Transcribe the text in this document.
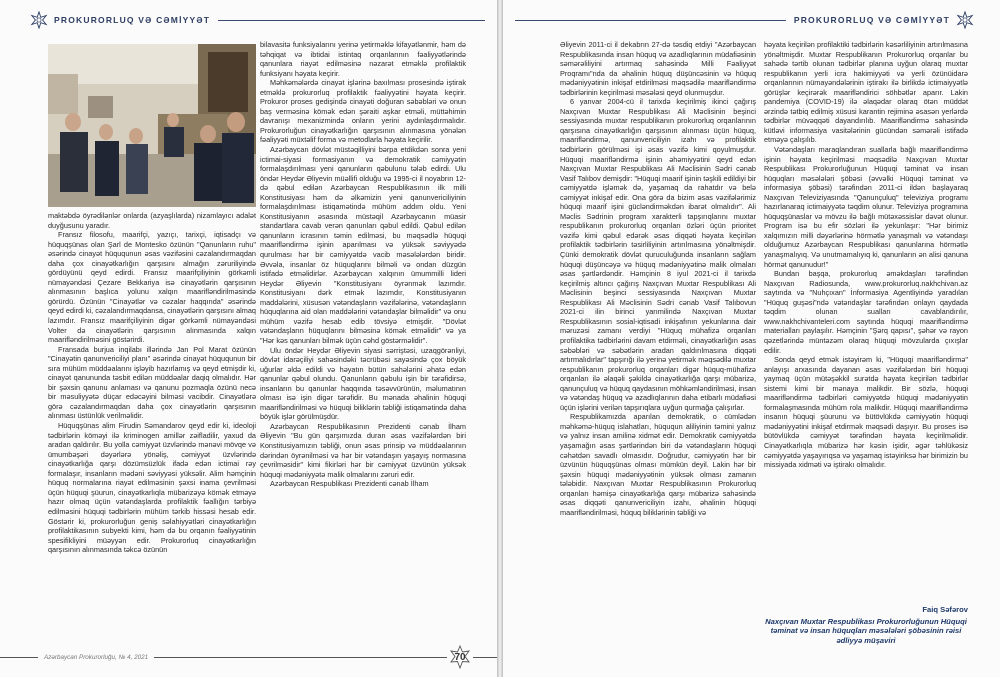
PROKURORLUQ VƏ CƏMİYYƏT

maktəbdə öyrədilənlər onlarda (azyaşlılarda) nizamlayıcı adalət duyğusunu yaradır.

Fransız filosofu, maarifçi, yazıçı, tarixçi, iqtisadçı və hüquqşünas olan Şarl de Montesko özünün "Qanunların ruhu" əsərində cinayət hüququnun əsas vəzifəsini cəzalandırmaqdan daha çox cinayətkarlığın qarşısını almağın zəruriliyində gördüyünü qeyd edirdi. Fransız maarifçiliyinin görkəmli nümayəndəsi Çezare Bekkariya isə cinayətlərin qarşısının alınmasının başlıca yolunu xalqın maarifləndirilməsində görürdü. Özünün "Cinayətlər və cəzalar haqqında" əsərində qeyd edirdi ki, cəzalandırmaqdansa, cinayətlərin qarşısını almaq lazımdır. Fransız maarifçiliyinin digər görkəmli nümayəndəsi Volter də cinayətlərin qarşısının alınmasında xalqın maarifləndirilməsini göstərirdi.

Fransada burjua inqilabı illərində Jan Pol Marat özünün "Cinayətin qanunvericiliyi planı" əsərində cinayət hüququnun bir sıra mühüm müddəalarını işləyib hazırlamış və qeyd etmişdir ki, cinayət qanununda təsbit edilən müddəalar daqiq olmalıdır. Hər bir şəxsin qanunu anlaması və qanunu pozmaqla özünü necə bir məsuliyyətə düçar edəcəyini bilməsi vacibdir. Cinayətlərə görə cəzalandırmaqdan daha çox cinayətlərin qarşısının alınması üstünlük verilməlidir.

Hüquqşünas alim Firudin Səmandarov qeyd edir ki, ideoloji tədbirlərin köməyi ilə kriminogen amillər zəifladilir, yaxud da aradan qaldırılır. Bu yolla cəmiyyət üzvlərində mənəvi mövqe və ümumbəşəri dəyərlərə yönəliş, cəmiyyət üzvlərində cinayətkarlığa qarşı dözümsüzlük ifadə edən ictimai rəy formalaşır, insanların mədəni səviyyəsi yüksəlir. Alim həmçinin hüquq normalarına riayət edilməsinin şəxsi inama çevrilməsi üçün hüquqi şüurun, cinayətkarlıqla mübarizəyə kömək etməyə hazır olmaq üçün vətəndaşlarda profilaktik fəallığın tərbiyə edilməsini hüquqi tədbirlərin mühüm tərkib hissəsi hesab edir. Göstərir ki, prokurorluğun geniş səlahiyyətləri cinayətkarlığın profilaktikasının subyekti kimi, həm də bu orqanın fəaliyyətinin spesifikliyini müəyyən edir. Prokurorluq cinayətkarlığın qarşısının alınmasında təkcə özünün

bilavasitə funksiyalarını yerinə yetirməklə kifayətlənmir, həm də təhqiqat və ibtidai istintaq orqanlarının fəaliyyətlərində qanunlara riayət edilməsinə nəzarət etməklə profilaktik funksiyanı həyata keçirir.

Məhkəmələrdə cinayət işlərinə baxılması prosesində iştirak etməklə prokurorluq profilaktik fəaliyyətini həyata keçirir. Prokuror proses gedişində cinayəti doğuran səbəbləri və onun baş verməsinə kömək edən şəraiti aşkar etməli, müttəhimin davranışı mexanizmində onların yerini aydınlaşdırmalıdır. Prokurorluğun cinayətkarlığın qarşısının alınmasına yönələn fəaliyyəti müxtəlif forma və metodlarla həyata keçirilir.

Azərbaycan dövlət müstəqilliyini bərpa etdikdən sonra yeni ictimai-siyasi formasiyanın və demokratik cəmiyyətin formalaşdırılması yeni qanunların qəbulunu tələb edirdi. Ulu öndər Heydər Əliyevin müəllifi olduğu və 1995-ci il noyabrın 12-də qəbul edilən Azərbaycan Respublikasının ilk milli Konstitusiyası həm də əlkəmizin yeni qanunvericiliyinin formalaşdırılması istiqamətində mühüm addım oldu. Yeni Konstitusiyanın əsasında müstəqil Azərbaycanın müasir standartlara cavab verən qanunları qəbul edildi. Qəbul edilən qanunların icrasının təmin edilməsi, bu məqsədlə hüquqi maarifləndirmə işinin aparılması və yüksək səviyyədə qurulması hər bir cəmiyyətdə vacib məsələlərdən biridir. Əvvəla, insanlar öz hüquqlarını bilməli və ondan düzgün istifadə etməlidirlər. Azərbaycan xalqının ümummilli lideri Heydər Əliyevin "Konstitusiyanı öyrənmək lazımdır. Konstitusiyanı dərk etmək lazımdır, Konstitusiyanın maddələrini, xüsusən vətəndaşların vəzifələrinə, vətəndaşların hüquqlarına aid olan maddələrini vətəndaşlar bilməlidir" və onu mühüm vəzifə hesab edib tövsiyə etmişdir. "Dövlət vətəndaşların hüquqlarını bilməsinə kömək etməlidir" və ya "Hər kəs qanunları bilmək üçün cəhd göstərməlidir".

Ulu öndər Heydər Əliyevin siyasi sərriştəsi, uzaqgörənliyi, dövlət idarəçiliyi sahəsindəki təcrübəsi sayəsində çox böyük uğurlar əldə edildi və həyatın bütün sahələrini əhatə edən qanunlar qəbul olundu. Qanunların qəbulu işin bir tərəfidirsə, insanların bu qanunlar haqqında təsəvvürünün, məlumatının olması isə işin digər tərəfidir. Bu mənada əhalinin hüquqi maarifləndirilməsi və hüquqi biliklərin təbliği istiqamətində daha böyük işlər görülmüşdür.

Azərbaycan Respublikasının Prezidenti cənab İlham Əliyevin "Bu gün qarşımızda duran əsas vəzifələrdən biri Konstitusiyamızın təbliği, onun əsas prinsip və müddəalarının dərindən öyrənilməsi və hər bir vətəndaşın yaşayış normasına çevrilməsidir" kimi fikirləri hər bir cəmiyyət üzvünün yüksək hüquqi mədəniyyətə malik olmalarını zəruri edir.

Azərbaycan Respublikası Prezidenti cənab İlham

Azərbaycan Prokurorluğu, № 4, 2021	70
PROKURORLUQ VƏ CƏMİYYƏT

Əliyevin 2011-ci il dekabrın 27-də təsdiq etdiyi "Azərbaycan Respublikasında insan hüquq və azadlıqlarının müdafiəsinin səmərəliliyini artırmaq sahəsində Milli Fəaliyyət Proqramı"nda da əhalinin hüquq düşüncəsinin və hüquq mədəniyyətinin inkişaf etdirilməsi məqsədilə maarifləndirmə tədbirlərinin keçirilməsi məsələsi qeyd olunmuşdur.

6 yanvar 2004-cü il tarixdə keçirilmiş ikinci çağırış Naxçıvan Muxtar Respublikası Ali Məclisinin beşinci sessiyasında muxtar respublikanın prokurorluq orqanlarının qarşısına cinayətkarlığın qarşısının alınması üçün hüquq, maarifləndirmə, qanunvericiliyin izahı və profilaktik tədbirlərin görülməsi işi əsas vəzifə kimi qoyulmuşdur. Hüquqi maarifləndirmə işinin əhəmiyyətini qeyd edən Naxçıvan Muxtar Respublikası Ali Məclisinin Sədri cənab Vasif Talıbov demişdir: "Hüquqi maarif işinin təşkili edildiyi bir cəmiyyətdə işləmək də, yaşamaq da rahatdır və belə cəmiyyət inkişaf edir. Ona görə da bizim əsas vəzifələrimiz hüquqi maarif işini gücləndirməkdən ibarət olmalıdır". Ali Məclis Sədrinin program xarakterli tapşırıqlarını muxtar respublikanın prokurorluq orqanları özləri üçün prioritet vəzifə kimi qəbul edərək əsas diqqəti həyata keçirilən profilaktik tədbirlərin təsirliliyinin artırılmasına yönəltmişdir. Çünki demokratik dövlət quruculuğunda insanların sağlam hüquqi düşüncəyə və hüquq mədəniyyətinə malik olmaları əsas şərtlərdəndir. Həmçinin 8 iyul 2021-ci il tarixdə keçirilmiş altıncı çağırış Naxçıvan Muxtar Respublikası Ali Məclisinin beşinci sessiyasında Naxçıvan Muxtar Respublikası Ali Məclisinin Sədri cənab Vasif Talıbovun 2021-ci ilin birinci yarımilində Naxçıvan Muxtar Respublikasının sosial-iqtisadi inkişafının yekunlarına dair məruzəsi zamanı verdiyi "Hüquq mühafizə orqanları profilaktika tədbirlərini davam etdirməli, cinayətkarlığın əsas səbəbləri və səbətlərin aradan qaldırılmasına diqqəti artırmalıdırlar" tapşırığı ilə yerinə yetirmək məqsədilə muxtar respublikanın prokurorluq orqanları digər hüquq-mühafizə orqanları ilə əlaqəli şəkildə cinayətkarlığa qarşı mübarizə, qanunçuluq və hüquq qaydasının möhkəmləndirilməsi, insan və vətəndaş hüquq və azadlıqlarının daha etibarlı müdafiəsi üçün işlərini verilən tapşırıqlara uyğun qurmağa çalışırlar.

Respublikamızda aparılan demokratik, o cümlədən məhkəmə-hüquq islahatları, hüququn aliliyinin təmini yalnız və yalnız insan amilinə xidmət edir. Demokratik cəmiyyətdə yaşamağın əsas şərtlərindən biri də vətəndaşların hüquqi cəhətdən savadlı olmasıdır. Doğrudur, cəmiyyətin hər bir üzvünün hüquqşünas olması mümkün deyil. Lakin hər bir şəxsin hüquqi mədəniyyətinin yüksək olması zamanın tələbidir. Naxçıvan Muxtar Respublikasının Prokurorluq orqanları həmişə cinayətkarlığa qarşı mübarizə sahəsində əsas diqqəti qanunvericiliyin izahı, əhalinin hüquqi maarifləndirilməsi, hüquq biliklərinin təbliği və

həyata keçirilən profilaktiki tədbirlərin kəsərliliyinin artırılmasına yönəltmişdir. Muxtar Respublikanın Prokurorluq orqanlar bu sahədə tərtib olunan tədbirlər planına uyğun olaraq muxtar respublikanın yerli icra hakimiyyəti və yerli özünüidarə orqanlarının nümayəndələrinin iştirakı ilə birlikdə ictimaiyyətlə görüşlər keçirərək maarifləndirici söhbətlər aparır. Lakin pandemiya (COVID-19) ilə əlaqədar olaraq ötən müddət ərzində tətbiq edilmiş xüsusi karantin rejiminə əsasən yerlərdə tədbirlər müvəqqəti dayandırılıb. Maarifləndirmə sahəsində kütləvi informasiya vasitələrinin gücündən səmərəli istifadə etməyə çalışılıb.

Vətəndaşları maraqlandıran suallarla bağlı maarifləndirmə işinin həyata keçirilməsi məqsədilə Naxçıvan Muxtar Respublikası Prokurorluğunun Hüquqi təminat və insan hüquqları məsələləri şöbəsi (əvvəlki Hüquqi təminat və informasiya şöbəsi) tərəfindən 2011-ci ildən başlayaraq Naxçıvan Televiziyasında "Qanunçuluq" televiziya programı hazırlanaraq ictimaiyyətə təqdim olunur. Televiziya programına hüquqşünaslar və mövzu ilə bağlı mütəxəssislər dəvət olunur. Program isə bu efir sözləri ilə yekunlaşır: "Hər birimiz xalqımızın milli dəyərlərinə hörmətlə yanaşmalı və vətəndaşı olduğumuz Azərbaycan Respublikası qanunlarına hörmətlə yanaşmalıyıq. Və unutmamalıyıq ki, qanunların ən alisi qanuna hörmət qanunudur!"

Bundan başqa, prokurorluq əməkdaşları tərəfindən Naxçıvan Radiosunda, www.prokurorluq.nakhchivan.az saytında və "Nuhçıxan" İnformasiya Agentliyində yaradılan "Hüquq guşəsi"ndə vətəndaşlar tərəfindən onlayn qaydada təqdim olunan sualları cavablandırılır, www.nakhchivanteleri.com saytında hüquqi maarifləndirmə materialları paylaşılır. Həmçinin "Şərq qapısı", şəhər və rayon qəzetlərində müntəzəm olaraq hüquqi mövzularda çıxışlar edilir.

Sonda qeyd etmək istəyirəm ki, "Hüquqi maarifləndirmə" anlayışı arxasında dayanan əsas vəzifələrdən biri hüquqi yaymaq üçün mütəşəkkil surətdə həyata keçirilən tədbirlər sistemi kimi bir mənaya malikdir. Bir sözlə, hüquqi maarifləndirmə tədbirləri cəmiyyətdə hüquqi mədəniyyətin formalaşmasında mühüm rola malikdir. Hüquqi maarifləndirmə insanın hüquqi şüurunu və bütövlükdə cəmiyyətin hüquqi mədəniyyətini inkişaf etdirmək məqsədi daşıyır. Bu proses isə bütövlükdə cəmiyyət tərəfindən həyata keçirilməlidir. Cinayətkarlıqla mübarizə hər kəsin işidir, əgər təhlükəsiz cəmiyyətdə yaşayırıqsa və yaşamaq istəyiriksə hər birimizin bu missiyada xidməti və iştirakı olmalıdır.

Faiq Səfərov
Naxçıvan Muxtar Respublikası Prokurorluğunun Hüquqi təminat və insan hüquqları məsələləri şöbəsinin rəisi ədliyyə müşaviri
